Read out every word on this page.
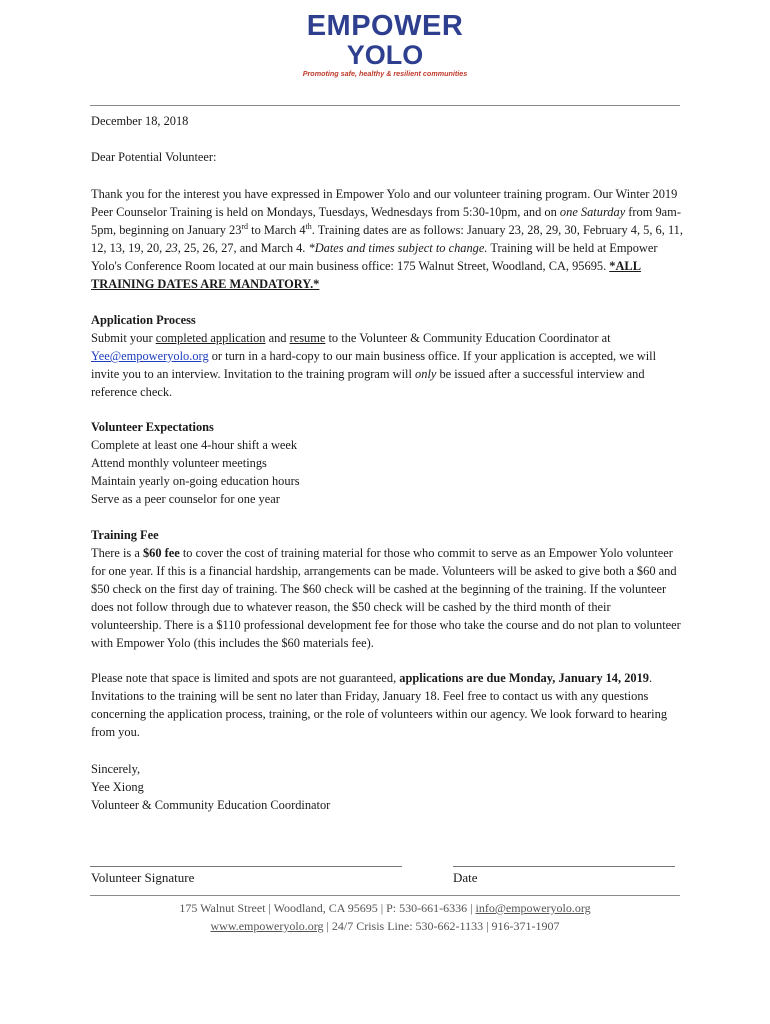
EMPOWER
YOLO
Promoting safe, healthy & resilient communities
December 18, 2018
Dear Potential Volunteer:

Thank you for the interest you have expressed in Empower Yolo and our volunteer training program. Our Winter 2019 Peer Counselor Training is held on Mondays, Tuesdays, Wednesdays from 5:30-10pm, and on one Saturday from 9am-5pm, beginning on January 23rd to March 4th. Training dates are as follows: January 23, 28, 29, 30, February 4, 5, 6, 11, 12, 13, 19, 20, 23, 25, 26, 27, and March 4. *Dates and times subject to change. Training will be held at Empower Yolo's Conference Room located at our main business office: 175 Walnut Street, Woodland, CA, 95695. *ALL TRAINING DATES ARE MANDATORY.*

Application Process

Submit your completed application and resume to the Volunteer & Community Education Coordinator at Yee@empoweryolo.org or turn in a hard-copy to our main business office. If your application is accepted, we will invite you to an interview. Invitation to the training program will only be issued after a successful interview and reference check.

Volunteer Expectations

Complete at least one 4-hour shift a week

Attend monthly volunteer meetings

Maintain yearly on-going education hours

Serve as a peer counselor for one year

Training Fee

There is a $60 fee to cover the cost of training material for those who commit to serve as an Empower Yolo volunteer for one year. If this is a financial hardship, arrangements can be made. Volunteers will be asked to give both a $60 and $50 check on the first day of training. The $60 check will be cashed at the beginning of the training. If the volunteer does not follow through due to whatever reason, the $50 check will be cashed by the third month of their volunteership. There is a $110 professional development fee for those who take the course and do not plan to volunteer with Empower Yolo (this includes the $60 materials fee).

Please note that space is limited and spots are not guaranteed, applications are due Monday, January 14, 2019. Invitations to the training will be sent no later than Friday, January 18. Feel free to contact us with any questions concerning the application process, training, or the role of volunteers within our agency. We look forward to hearing from you.

Sincerely,

Yee Xiong

Volunteer & Community Education Coordinator

Volunteer Signature	Date
175 Walnut Street | Woodland, CA 95695 | P: 530-661-6336 | info@empoweryolo.org
www.empoweryolo.org | 24/7 Crisis Line: 530-662-1133 | 916-371-1907
